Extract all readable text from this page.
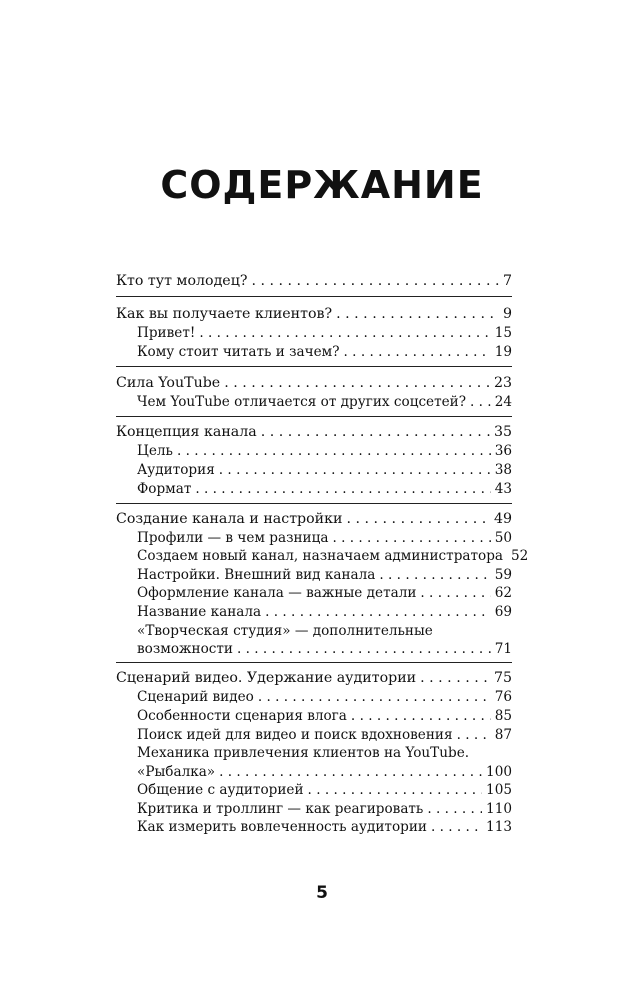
СОДЕРЖАНИЕ
Кто тут молодец? . . .	7
Как вы получаете клиентов? . . .	9
Привет! . . .	15
Кому стоит читать и зачем? . . .	19
Сила YouTube . . .	23
Чем YouTube отличается от других соцсетей? . . . 24
Концепция канала . . .	35
Цель . . .	36
Аудитория . . .	38
Формат . . .	43
Создание канала и настройки . . .	49
Профили — в чем разница . . .	50
Создаем новый канал, назначаем администратора 52
Настройки. Внешний вид канала . . .	59
Оформление канала — важные детали . . .	62
Название канала . . .	69
«Творческая студия» — дополнительные
возможности . . .	71
Сценарий видео. Удержание аудитории . . .	75
Сценарий видео . . .	76
Особенности сценария влога . . .	85
Поиск идей для видео и поиск вдохновения . . .	87
Механика привлечения клиентов на YouTube.
«Рыбалка» . . .	100
Общение с аудиторией . . .	105
Критика и троллинг — как реагировать . . .	110
Как измерить вовлеченность аудитории . . .	113
5
